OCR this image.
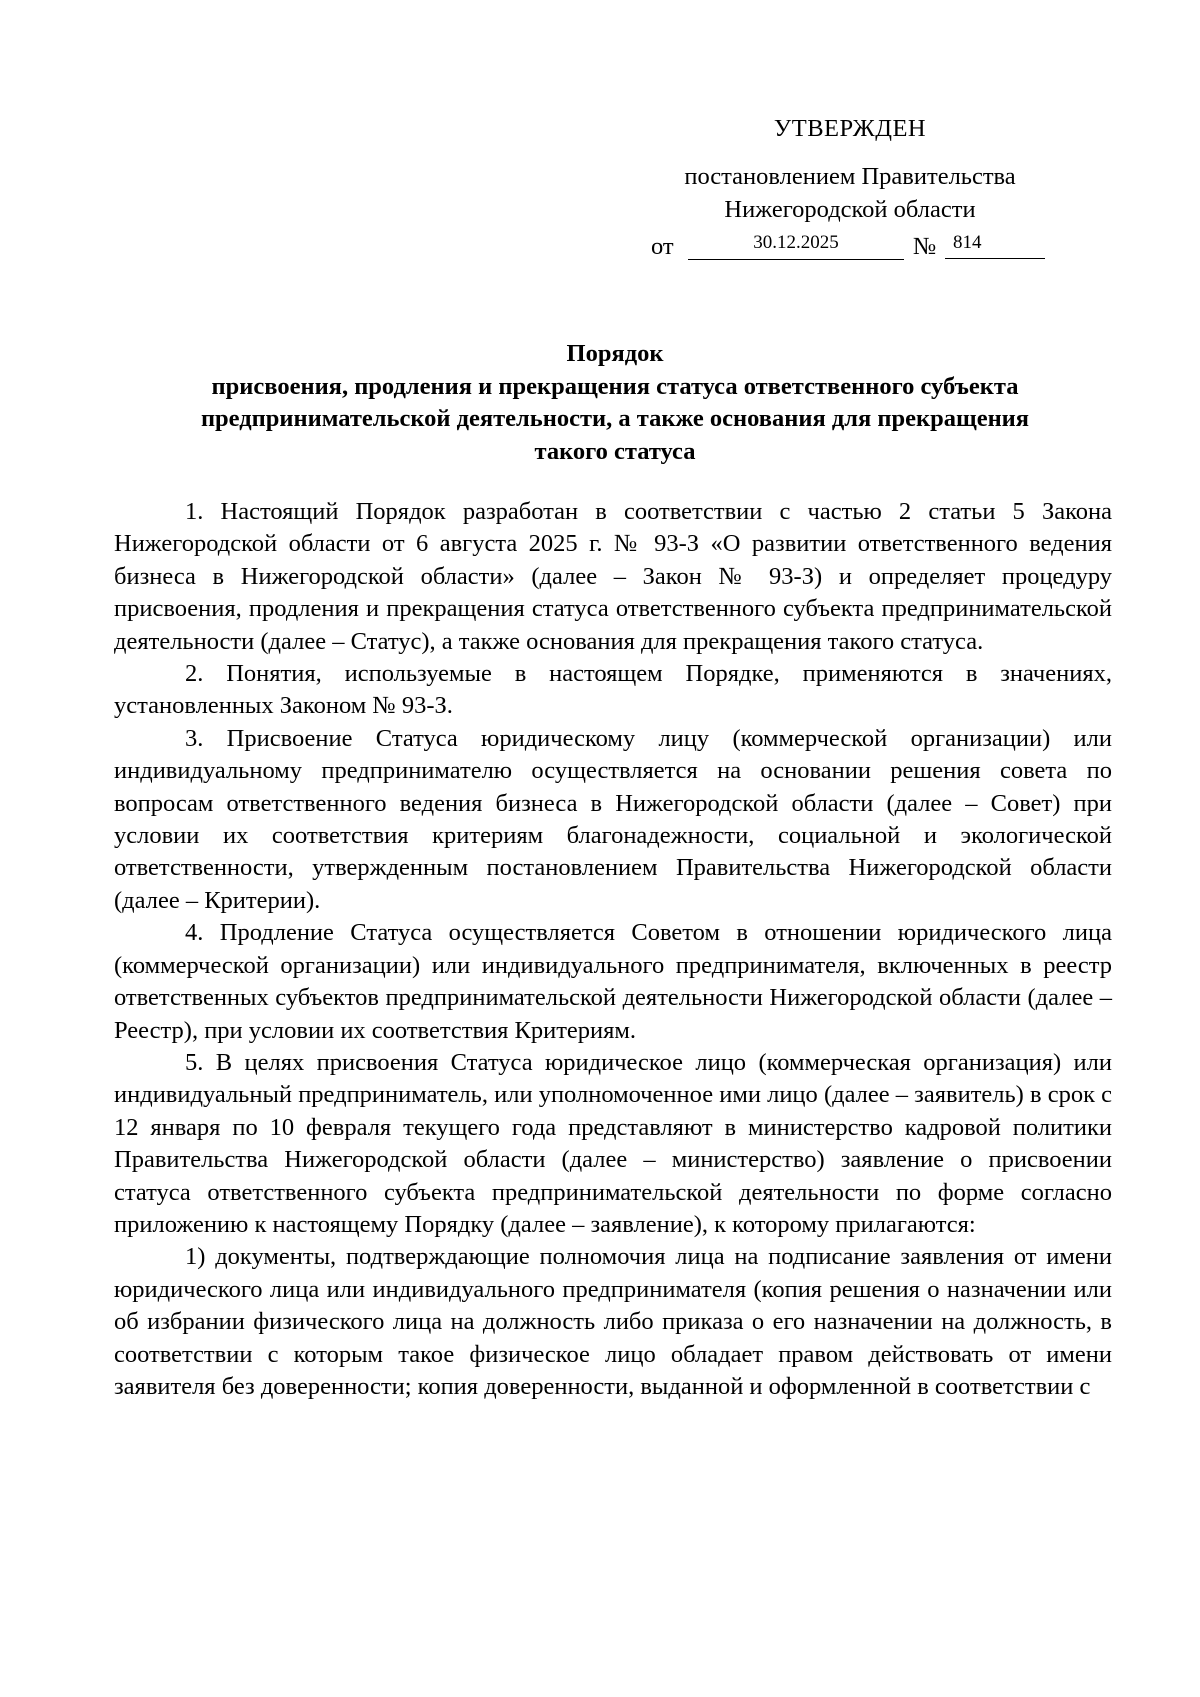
УТВЕРЖДЕН
постановлением Правительства
Нижегородской области
от	30.12.2025	№ 814
Порядок
присвоения, продления и прекращения статуса ответственного субъекта
предпринимательской деятельности, а также основания для прекращения
такого статуса

1. Настоящий Порядок разработан в соответствии с частью 2 статьи 5 Закона Нижегородской области от 6 августа 2025 г. № 93-З «О развитии ответственного ведения бизнеса в Нижегородской области» (далее – Закон № 93-З) и определяет процедуру присвоения, продления и прекращения статуса ответственного субъекта предпринимательской деятельности (далее – Статус), а также основания для прекращения такого статуса.

2. Понятия, используемые в настоящем Порядке, применяются в значениях, установленных Законом № 93-З.

3. Присвоение Статуса юридическому лицу (коммерческой организации) или индивидуальному предпринимателю осуществляется на основании решения совета по вопросам ответственного ведения бизнеса в Нижегородской области (далее – Совет) при условии их соответствия критериям благонадежности, социальной и экологической ответственности, утвержденным постановлением Правительства Нижегородской области (далее – Критерии).

4. Продление Статуса осуществляется Советом в отношении юридического лица (коммерческой организации) или индивидуального предпринимателя, включенных в реестр ответственных субъектов предпринимательской деятельности Нижегородской области (далее – Реестр), при условии их соответствия Критериям.

5. В целях присвоения Статуса юридическое лицо (коммерческая организация) или индивидуальный предприниматель, или уполномоченное ими лицо (далее – заявитель) в срок с 12 января по 10 февраля текущего года представляют в министерство кадровой политики Правительства Нижегородской области (далее – министерство) заявление о присвоении статуса ответственного субъекта предпринимательской деятельности по форме согласно приложению к настоящему Порядку (далее – заявление), к которому прилагаются:

1) документы, подтверждающие полномочия лица на подписание заявления от имени юридического лица или индивидуального предпринимателя (копия решения о назначении или об избрании физического лица на должность либо приказа о его назначении на должность, в соответствии с которым такое физическое лицо обладает правом действовать от имени заявителя без доверенности; копия доверенности, выданной и оформленной в соответствии с
